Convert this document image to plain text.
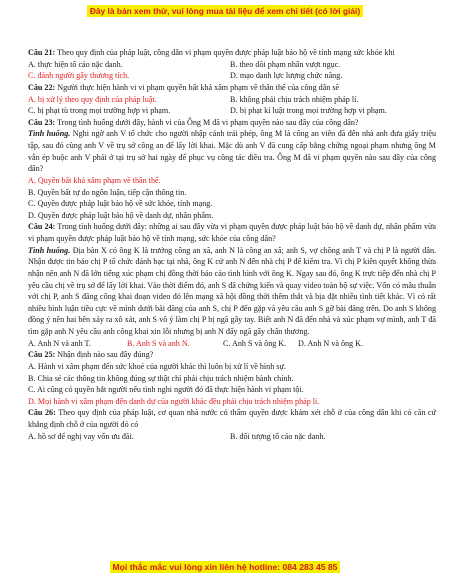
Đây là bản xem thử, vui lòng mua tài liệu để xem chi tiết (có lời giải)

Câu 21: Theo quy định của pháp luật, công dân vi phạm quyền được pháp luật bảo hộ về tính mạng sức khỏe khi

A. thực hiện tố cáo nặc danh.	B. theo dõi phạm nhân vượt ngục.
C. đánh người gây thương tích.	D. mạo danh lực lượng chức năng.

Câu 22: Người thực hiện hành vi vi phạm quyền bất khả xâm phạm về thân thể của công dân sẽ

A. bị xử lý theo quy định của pháp luật.	B. không phải chịu trách nhiệm pháp lí.
C. bị phạt tù trong mọi trường hợp vi phạm.	D. bị phạt kỉ luật trong mọi trường hợp vi phạm.

Câu 23: Trong tình huống dưới đây, hành vi của Ông M đã vi phạm quyền nào sau đây của công dân?

Tình huống. Nghi ngờ anh V tổ chức cho người nhập cảnh trái phép, ông M là công an viên đã đến nhà anh đưa giấy triệu tập, sau đó cùng anh V về trụ sở công an để lấy lời khai. Mặc dù anh V đã cung cấp bằng chứng ngoại phạm nhưng ông M vẫn ép buộc anh V phải ở tại trụ sở hai ngày để phục vụ công tác điều tra. Ông M đã vi phạm quyền nào sau đây của công dân?

A. Quyền bất khả xâm phạm về thân thể.

B. Quyền bất tự do ngôn luận, tiếp cận thông tin.

C. Quyền được pháp luật bảo hộ về sức khỏe, tính mạng.

D. Quyền được pháp luật bảo hộ về danh dự, nhân phẩm.

Câu 24: Trong tình huống dưới đây: những ai sau đây vừa vi phạm quyền được pháp luật bảo hộ về danh dự, nhân phẩm vừa vi phạm quyền được pháp luật bảo hộ về tính mạng, sức khỏe của công dân?

Tình huống. Địa bàn X có ông K là trưởng công an xã, anh N là công an xã; anh S, vợ chồng anh T và chị P là người dân. Nhận được tin báo chị P tổ chức đánh bạc tại nhà, ông K cử anh N đến nhà chị P để kiểm tra. Vì chị P kiên quyết không thừa nhận nên anh N đã lớn tiếng xúc phạm chị đồng thời báo cáo tình hình với ông K. Ngay sau đó, ông K trực tiếp đến nhà chị P yêu cầu chị về trụ sở để lấy lời khai. Vào thời điểm đó, anh S đã chứng kiến và quay video toàn bộ sự việc. Vốn có mâu thuẫn với chị P, anh S đăng công khai đoạn video đó lên mạng xã hội đồng thời thêm thắt và bịa đặt nhiều tình tiết khác. Vì có rất nhiều bình luận tiêu cực về mình dưới bài đăng của anh S, chị P đến gặp và yêu cầu anh S gỡ bài đăng trên. Do anh S không đồng ý nên hai bên xảy ra xô xát, anh S vô ý làm chị P bị ngã gây tay. Biết anh N đã đến nhà và xúc phạm vợ mình, anh T đã tìm gặp anh N yêu cầu anh công khai xin lỗi nhưng bị anh N đẩy ngã gây chấn thương.

A. Anh N và anh T.	B. Anh S và anh N.	C. Anh S và ông K.	D. Anh N và ông K.

Câu 25: Nhận định nào sau đây đúng?

A. Hành vi xâm phạm đến sức khoẻ của người khác thì luôn bị xử lí về hình sự.

B. Chia sẻ các thông tin không đúng sự thật chỉ phải chịu trách nhiệm hành chính.

C. Ai cũng có quyền bắt người nếu tình nghi người đó đã thực hiện hành vi phạm tội.

D. Mọi hành vi xâm phạm đến danh dự của người khác đều phải chịu trách nhiệm pháp lí.

Câu 26: Theo quy định của pháp luật, cơ quan nhà nước có thẩm quyền được khám xét chỗ ở của công dân khi có căn cứ khẳng định chỗ ở của người đó có

A. hồ sơ để nghị vay vốn ưu đãi.	B. đối tượng tố cáo nặc danh.
Mọi thắc mắc vui lòng xin liên hệ hotline: 084 283 45 85
